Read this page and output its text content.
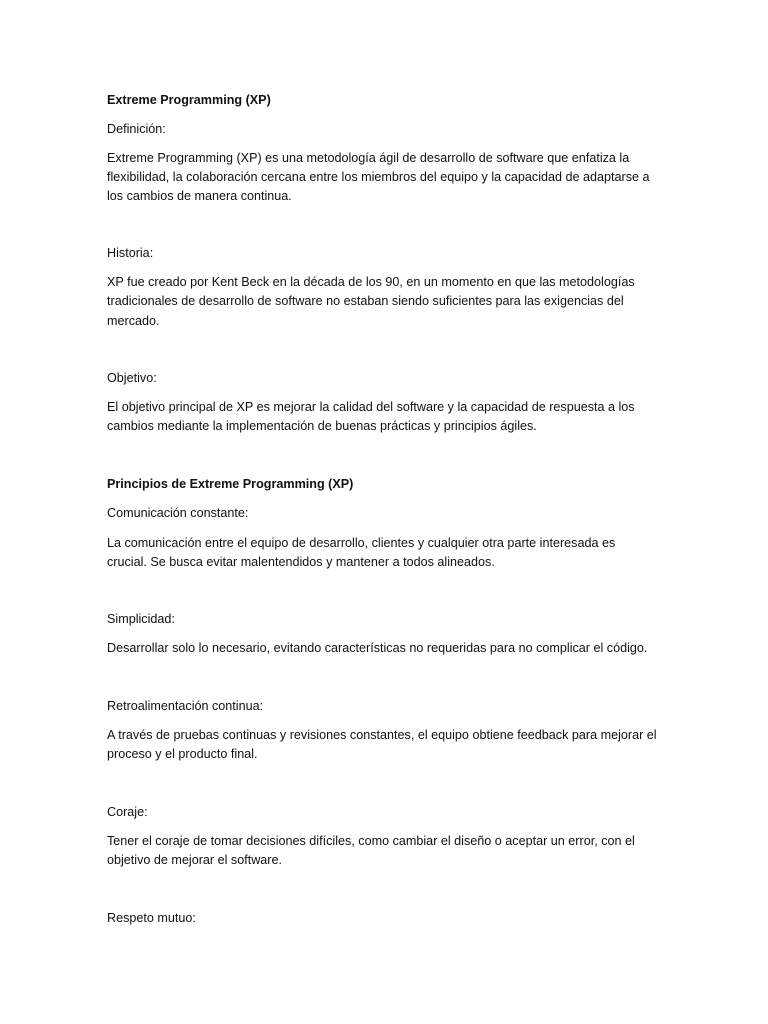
Extreme Programming (XP)

Definición:

Extreme Programming (XP) es una metodología ágil de desarrollo de software que enfatiza la

flexibilidad, la colaboración cercana entre los miembros del equipo y la capacidad de adaptarse a

los cambios de manera continua.

Historia:

XP fue creado por Kent Beck en la década de los 90, en un momento en que las metodologías

tradicionales de desarrollo de software no estaban siendo suficientes para las exigencias del

mercado.

Objetivo:

El objetivo principal de XP es mejorar la calidad del software y la capacidad de respuesta a los

cambios mediante la implementación de buenas prácticas y principios ágiles.

Principios de Extreme Programming (XP)

Comunicación constante:

La comunicación entre el equipo de desarrollo, clientes y cualquier otra parte interesada es

crucial. Se busca evitar malentendidos y mantener a todos alineados.

Simplicidad:

Desarrollar solo lo necesario, evitando características no requeridas para no complicar el código.

Retroalimentación continua:

A través de pruebas continuas y revisiones constantes, el equipo obtiene feedback para mejorar el

proceso y el producto final.

Coraje:

Tener el coraje de tomar decisiones difíciles, como cambiar el diseño o aceptar un error, con el

objetivo de mejorar el software.

Respeto mutuo:
